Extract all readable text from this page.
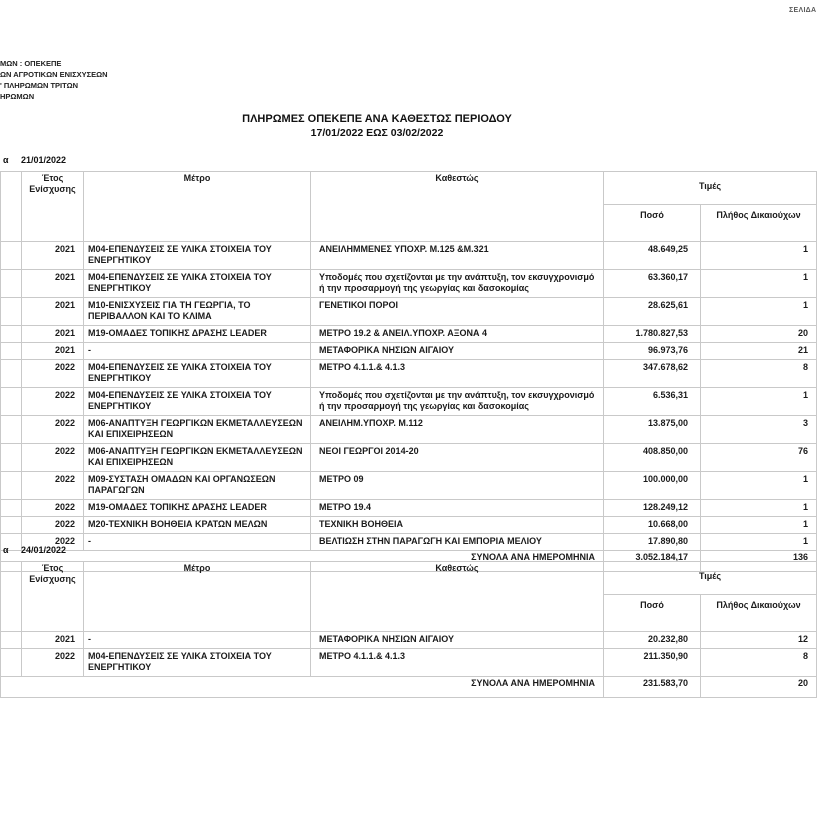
ΣΕΛΙΔΑ
ΜΩΝ : ΟΠΕΚΕΠΕ
ΩΝ ΑΓΡΟΤΙΚΩΝ ΕΝΙΣΧΥΣΕΩΝ
' ΠΛΗΡΩΜΩΝ ΤΡΙΤΩΝ
ΗΡΩΜΩΝ
ΠΛΗΡΩΜΕΣ ΟΠΕΚΕΠΕ ΑΝΑ ΚΑΘΕΣΤΩΣ ΠΕΡΙΟΔΟΥ
17/01/2022 ΕΩΣ 03/02/2022
α 21/01/2022
	Έτος Ενίσχυσης	Μέτρο	Καθεστώς	Τιμές	
				Ποσό	Πλήθος Δικαιούχων
	2021	M04-ΕΠΕΝΔΥΣΕΙΣ ΣΕ ΥΛΙΚΑ ΣΤΟΙΧΕΙΑ ΤΟΥ ΕΝΕΡΓΗΤΙΚΟΥ	ΑΝΕΙΛΗΜΜΕΝΕΣ ΥΠΟΧΡ. Μ.125 &Μ.321	48.649,25	1
	2021	M04-ΕΠΕΝΔΥΣΕΙΣ ΣΕ ΥΛΙΚΑ ΣΤΟΙΧΕΙΑ ΤΟΥ ΕΝΕΡΓΗΤΙΚΟΥ	Υποδομές που σχετίζονται με την ανάπτυξη, τον εκσυγχρονισμό ή την προσαρμογή της γεωργίας και δασοκομίας	63.360,17	1
	2021	M10-ΕΝΙΣΧΥΣΕΙΣ ΓΙΑ ΤΗ ΓΕΩΡΓΙΑ, ΤΟ ΠΕΡΙΒΑΛΛΟΝ ΚΑΙ ΤΟ ΚΛΙΜΑ	ΓΕΝΕΤΙΚΟΙ ΠΟΡΟΙ	28.625,61	1
	2021	M19-ΟΜΑΔΕΣ ΤΟΠΙΚΗΣ ΔΡΑΣΗΣ LEADER	ΜΕΤΡΟ 19.2 & ΑΝΕΙΛ.ΥΠΟΧΡ. ΑΞΟΝΑ 4	1.780.827,53	20
	2021	-	ΜΕΤΑΦΟΡΙΚΑ ΝΗΣΙΩΝ ΑΙΓΑΙΟΥ	96.973,76	21
	2022	M04-ΕΠΕΝΔΥΣΕΙΣ ΣΕ ΥΛΙΚΑ ΣΤΟΙΧΕΙΑ ΤΟΥ ΕΝΕΡΓΗΤΙΚΟΥ	ΜΕΤΡΟ 4.1.1.& 4.1.3	347.678,62	8
	2022	M04-ΕΠΕΝΔΥΣΕΙΣ ΣΕ ΥΛΙΚΑ ΣΤΟΙΧΕΙΑ ΤΟΥ ΕΝΕΡΓΗΤΙΚΟΥ	Υποδομές που σχετίζονται με την ανάπτυξη, τον εκσυγχρονισμό ή την προσαρμογή της γεωργίας και δασοκομίας	6.536,31	1
	2022	M06-ΑΝΑΠΤΥΞΗ ΓΕΩΡΓΙΚΩΝ ΕΚΜΕΤΑΛΛΕΥΣΕΩΝ ΚΑΙ ΕΠΙΧΕΙΡΗΣΕΩΝ	ΑΝΕΙΛΗΜ.ΥΠΟΧΡ. Μ.112	13.875,00	3
	2022	M06-ΑΝΑΠΤΥΞΗ ΓΕΩΡΓΙΚΩΝ ΕΚΜΕΤΑΛΛΕΥΣΕΩΝ ΚΑΙ ΕΠΙΧΕΙΡΗΣΕΩΝ	ΝΕΟΙ ΓΕΩΡΓΟΙ 2014-20	408.850,00	76
	2022	M09-ΣΥΣΤΑΣΗ ΟΜΑΔΩΝ ΚΑΙ ΟΡΓΑΝΩΣΕΩΝ ΠΑΡΑΓΩΓΩΝ	ΜΕΤΡΟ 09	100.000,00	1
	2022	M19-ΟΜΑΔΕΣ ΤΟΠΙΚΗΣ ΔΡΑΣΗΣ LEADER	ΜΕΤΡΟ 19.4	128.249,12	1
	2022	M20-ΤΕΧΝΙΚΗ ΒΟΗΘΕΙΑ ΚΡΑΤΩΝ ΜΕΛΩΝ	ΤΕΧΝΙΚΗ ΒΟΗΘΕΙΑ	10.668,00	1
	2022	-	ΒΕΛΤΙΩΣΗ ΣΤΗΝ ΠΑΡΑΓΩΓΗ ΚΑΙ ΕΜΠΟΡΙΑ ΜΕΛΙΟΥ	17.890,80	1
ΣΥΝΟΛΑ ΑΝΑ ΗΜΕΡΟΜΗΝΙΑ				3.052.184,17	136
α 24/01/2022
	Έτος Ενίσχυσης	Μέτρο	Καθεστώς	Τιμές	
				Ποσό	Πλήθος Δικαιούχων
	2021	-	ΜΕΤΑΦΟΡΙΚΑ ΝΗΣΙΩΝ ΑΙΓΑΙΟΥ	20.232,80	12
	2022	M04-ΕΠΕΝΔΥΣΕΙΣ ΣΕ ΥΛΙΚΑ ΣΤΟΙΧΕΙΑ ΤΟΥ ΕΝΕΡΓΗΤΙΚΟΥ	ΜΕΤΡΟ 4.1.1.& 4.1.3	211.350,90	8
ΣΥΝΟΛΑ ΑΝΑ ΗΜΕΡΟΜΗΝΙΑ				231.583,70	20
